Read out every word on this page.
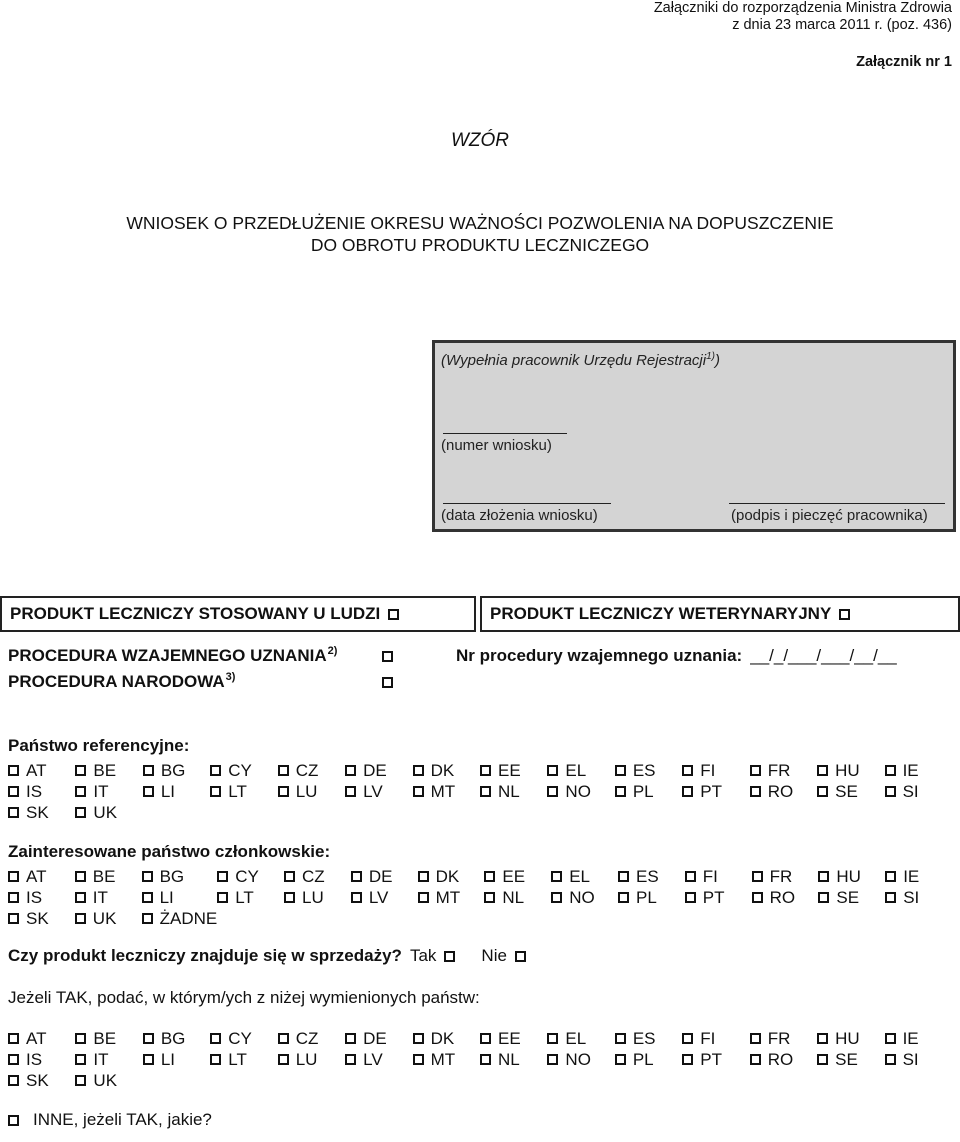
Załączniki do rozporządzenia Ministra Zdrowia
z dnia 23 marca 2011 r. (poz. 436)
Załącznik nr 1
WZÓR
WNIOSEK O PRZEDŁUŻENIE OKRESU WAŻNOŚCI POZWOLENIA NA DOPUSZCZENIE
DO OBROTU PRODUKTU LECZNICZEGO
(Wypełnia pracownik Urzędu Rejestracji$^{1)}$)
(numer wniosku)
(data złożenia wniosku)	(podpis i pieczęć pracownika)
PRODUKT LECZNICZY STOSOWANY U LUDZI	PRODUKT LECZNICZY WETERYNARYJNY
PROCEDURA WZAJEMNEGO UZNANIA$^{2)}$
PROCEDURA NARODOWA$^{3)}$
Nr procedury wzajemnego uznania: __/_/___/___/__/__
Państwo referencyjne:
AT	BE	BG	CY	CZ	DE	DK	EE	EL	ES	FI	FR	HU	IE
IS	IT	LI	LT	LU	LV	MT	NL	NO PL	PT	RO SE	SI
SK	UK
Zainteresowane państwo członkowskie:
AT	BE	BG	CY	CZ	DE	DK	EE	EL	ES	FI	FR	HU IE
IS	IT	LI	LT	LU	LV	MT NL	NO PL	PT	RO SE	SI
SK	UK	ŻADNE
Czy produkt leczniczy znajduje się w sprzedaży? Tak	Nie
Jeżeli TAK, podać, w którym/ych z niżej wymienionych państw:
AT	BE	BG	CY	CZ	DE	DK	EE	EL	ES	FI	FR	HU	IE
IS	IT	LI	LT	LU	LV	MT	NL	NO PL	PT	RO SE	SI
SK	UK
INNE, jeżeli TAK, jakie?
